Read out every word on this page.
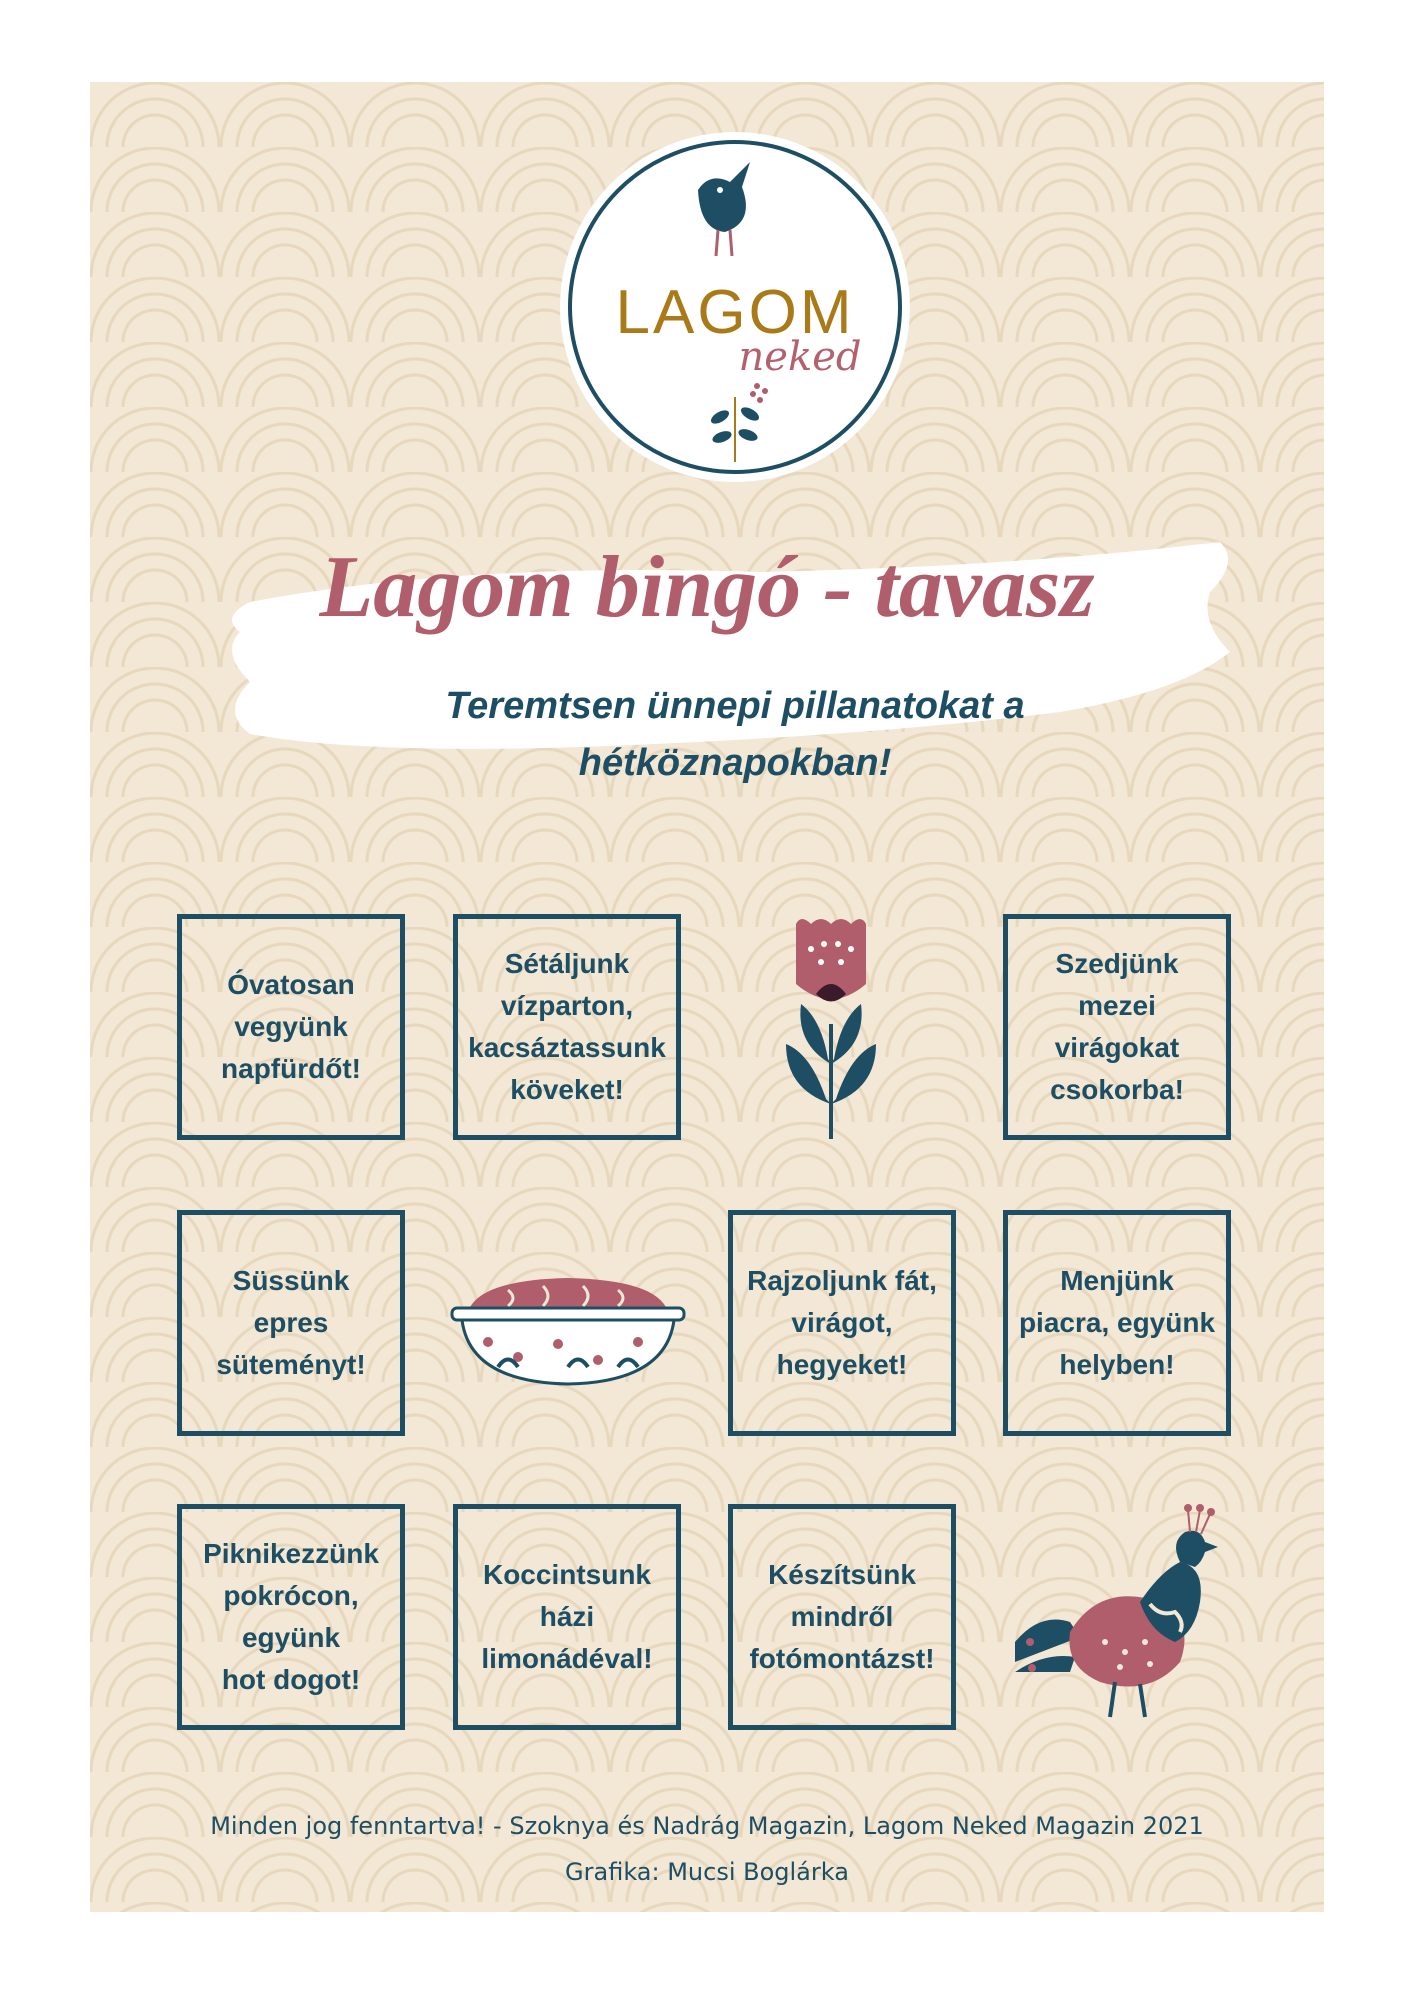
LAGOM
neked
Lagom bingó - tavasz
Teremtsen ünnepi pillanatokat a hétköznapokban!
Óvatosan
vegyünk
napfürdőt!
Sétáljunk
vízparton,
kacsáztassunk
köveket!
Szedjünk
mezei
virágokat
csokorba!
Süssünk
epres
süteményt!
Rajzoljunk fát,
virágot,
hegyeket!
Menjünk
piacra, együnk
helyben!
Piknikezzünk
pokrócon,
együnk
hot dogot!
Koccintsunk
házi
limonádéval!
Készítsünk
mindről
fotómontázst!
Minden jog fenntartva! - Szoknya és Nadrág Magazin, Lagom Neked Magazin 2021
Grafika: Mucsi Boglárka
